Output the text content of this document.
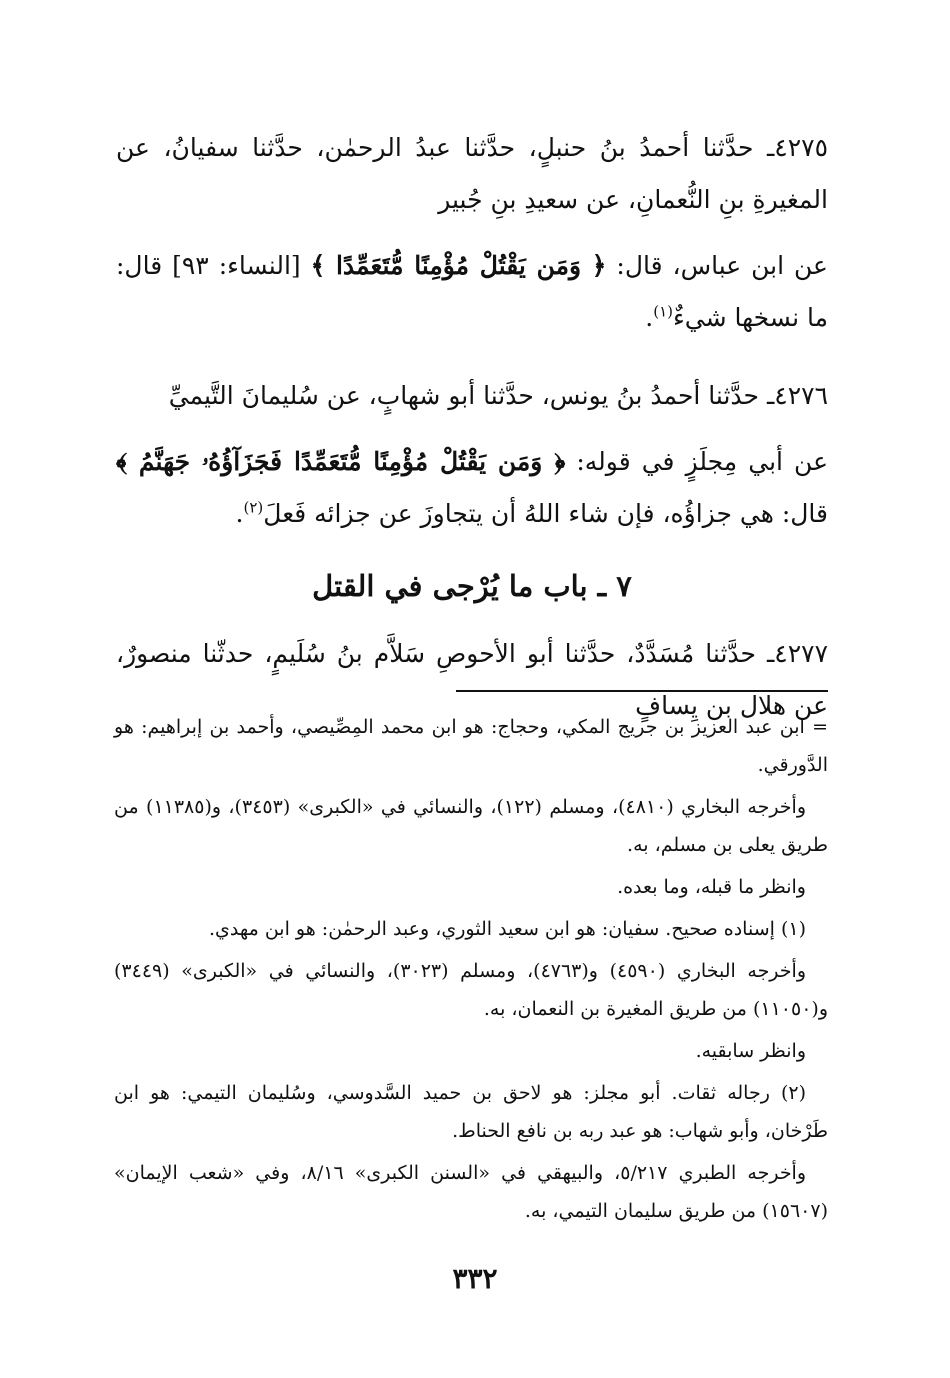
٤٢٧٥ـ حدَّثنا أحمدُ بنُ حنبلٍ، حدَّثنا عبدُ الرحمٰن، حدَّثنا سفيانُ، عن المغيرةِ بنِ النُّعمانِ، عن سعيدِ بنِ جُبير

عن ابن عباس، قال: ﴿ وَمَن يَقْتُلْ مُؤْمِنًا مُّتَعَمِّدًا ﴾ [النساء: ٩٣] قال: ما نسخها شيءٌ$^{(١)}$.

٤٢٧٦ـ حدَّثنا أحمدُ بنُ يونس، حدَّثنا أبو شهابٍ، عن سُليمانَ التَّيميِّ

عن أبي مِجلَزٍ في قوله: ﴿ وَمَن يَقْتُلْ مُؤْمِنًا مُّتَعَمِّدًا فَجَزَآؤُهُۥ جَهَنَّمُ ﴾ قال: هي جزاؤُه، فإن شاء اللهُ أن يتجاوزَ عن جزائه فَعلَ$^{(٢)}$.

٧ ـ باب ما يُرْجى في القتل

٤٢٧٧ـ حدَّثنا مُسَدَّدٌ، حدَّثنا أبو الأحوصِ سَلاَّم بنُ سُلَيمٍ، حدثّنا منصورٌ، عن هلال بن يِسافٍ

= ابن عبد العزيز بن جريج المكي، وحجاج: هو ابن محمد المِصِّيصي، وأحمد بن إبراهيم: هو الدَّورقي.

وأخرجه البخاري (٤٨١٠)، ومسلم (١٢٢)، والنسائي في «الكبرى» (٣٤٥٣)، و(١١٣٨٥) من طريق يعلى بن مسلم، به.

وانظر ما قبله، وما بعده.

(١) إسناده صحيح. سفيان: هو ابن سعيد الثوري، وعبد الرحمٰن: هو ابن مهدي.

وأخرجه البخاري (٤٥٩٠) و(٤٧٦٣)، ومسلم (٣٠٢٣)، والنسائي في «الكبرى» (٣٤٤٩) و(١١٠٥٠) من طريق المغيرة بن النعمان، به.

وانظر سابقيه.

(٢) رجاله ثقات. أبو مجلز: هو لاحق بن حميد السَّدوسي، وسُليمان التيمي: هو ابن طَرْخان، وأبو شهاب: هو عبد ربه بن نافع الحناط.

وأخرجه الطبري ٥/٢١٧، والبيهقي في «السنن الكبرى» ٨/١٦، وفي «شعب الإيمان» (١٥٦٠٧) من طريق سليمان التيمي، به.

٣٣٢
